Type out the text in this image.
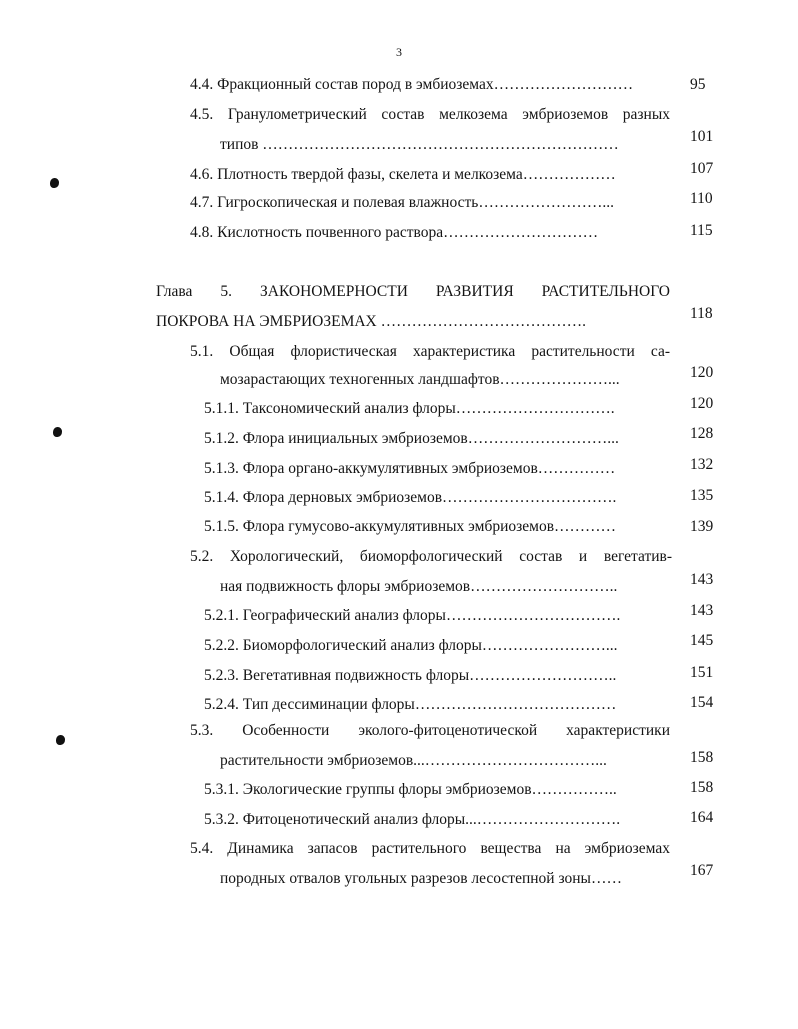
3
4.4. Фракционный состав пород в эмбиоземах………………………	95
4.5. Гранулометрический состав мелкозема эмбриоземов разных
типов ……………………………………………………………	101
4.6. Плотность твердой фазы, скелета и мелкозема………………	107
4.7. Гигроскопическая и полевая влажность……………………...	110
4.8. Кислотность почвенного раствора…………………………	115
Глава 5. ЗАКОНОМЕРНОСТИ РАЗВИТИЯ РАСТИТЕЛЬНОГО
ПОКРОВА НА ЭМБРИОЗЕМАХ ………………………………….	118
5.1. Общая флористическая характеристика растительности са-
мозарастающих техногенных ландшафтов…………………...	120
5.1.1. Таксономический анализ флоры………………………….	120
5.1.2. Флора инициальных эмбриоземов………………………...	128
5.1.3. Флора органо-аккумулятивных эмбриоземов……………	132
5.1.4. Флора дерновых эмбриоземов…………………………….	135
5.1.5. Флора гумусово-аккумулятивных эмбриоземов…………	139
5.2. Хорологический, биоморфологический состав и вегетатив-
ная подвижность флоры эмбриоземов………………………..	143
5.2.1. Географический анализ флоры…………………………….	143
5.2.2. Биоморфологический анализ флоры……………………...	145
5.2.3. Вегетативная подвижность флоры………………………..	151
5.2.4. Тип дессиминации флоры…………………………………	154
5.3. Особенности эколого-фитоценотической характеристики
растительности эмбриоземов...……………………………...	158
5.3.1. Экологические группы флоры эмбриоземов……………..	158
5.3.2. Фитоценотический анализ флоры...……………………….	164
5.4. Динамика запасов растительного вещества на эмбриоземах
породных отвалов угольных разрезов лесостепной зоны……	167
